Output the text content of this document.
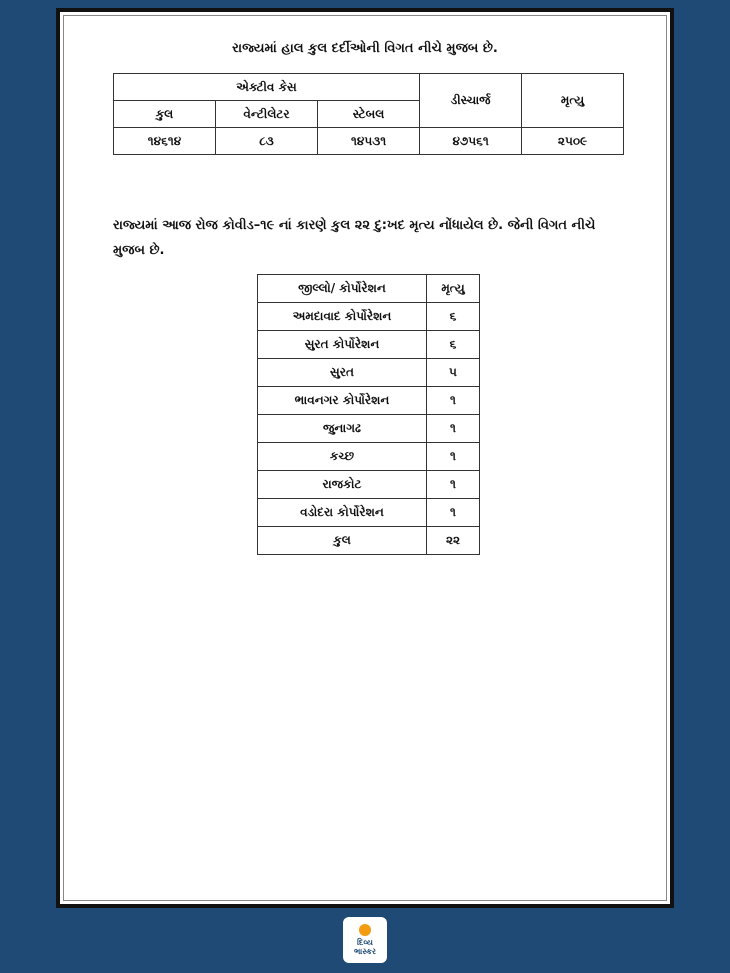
રાજ્યમાં હાલ કુલ દર્દીઓની વિગત નીચે મુજબ છે.
એક્ટીવ કેસ			ડીસ્ચાર્જ	મૃત્યુ
કુલ	વેન્ટીલેટર	સ્ટેબલ		
૧૪૬૧૪	૮૩	૧૪૫૩૧	૪૭૫૬૧	૨૫૦૯
રાજ્યમાં આજ રોજ કોવીડ–૧૯ નાં કારણે કુલ ૨૨ દુ:ખદ મૃત્ય નોંધાયેલ છે. જેની વિગત નીચે મુજબ છે.
જીલ્લો/ કોર્પોરેશન	મૃત્યુ
અમદાવાદ કોર્પોરેશન	૬
સુરત કોર્પોરેશન	૬
સુરત	૫
ભાવનગર કોર્પોરેશન	૧
જુનાગઢ	૧
કચ્છ	૧
રાજકોટ	૧
વડોદરા કોર્પોરેશન	૧
કુલ	૨૨
દિવ્ય
ભાસ્કર
